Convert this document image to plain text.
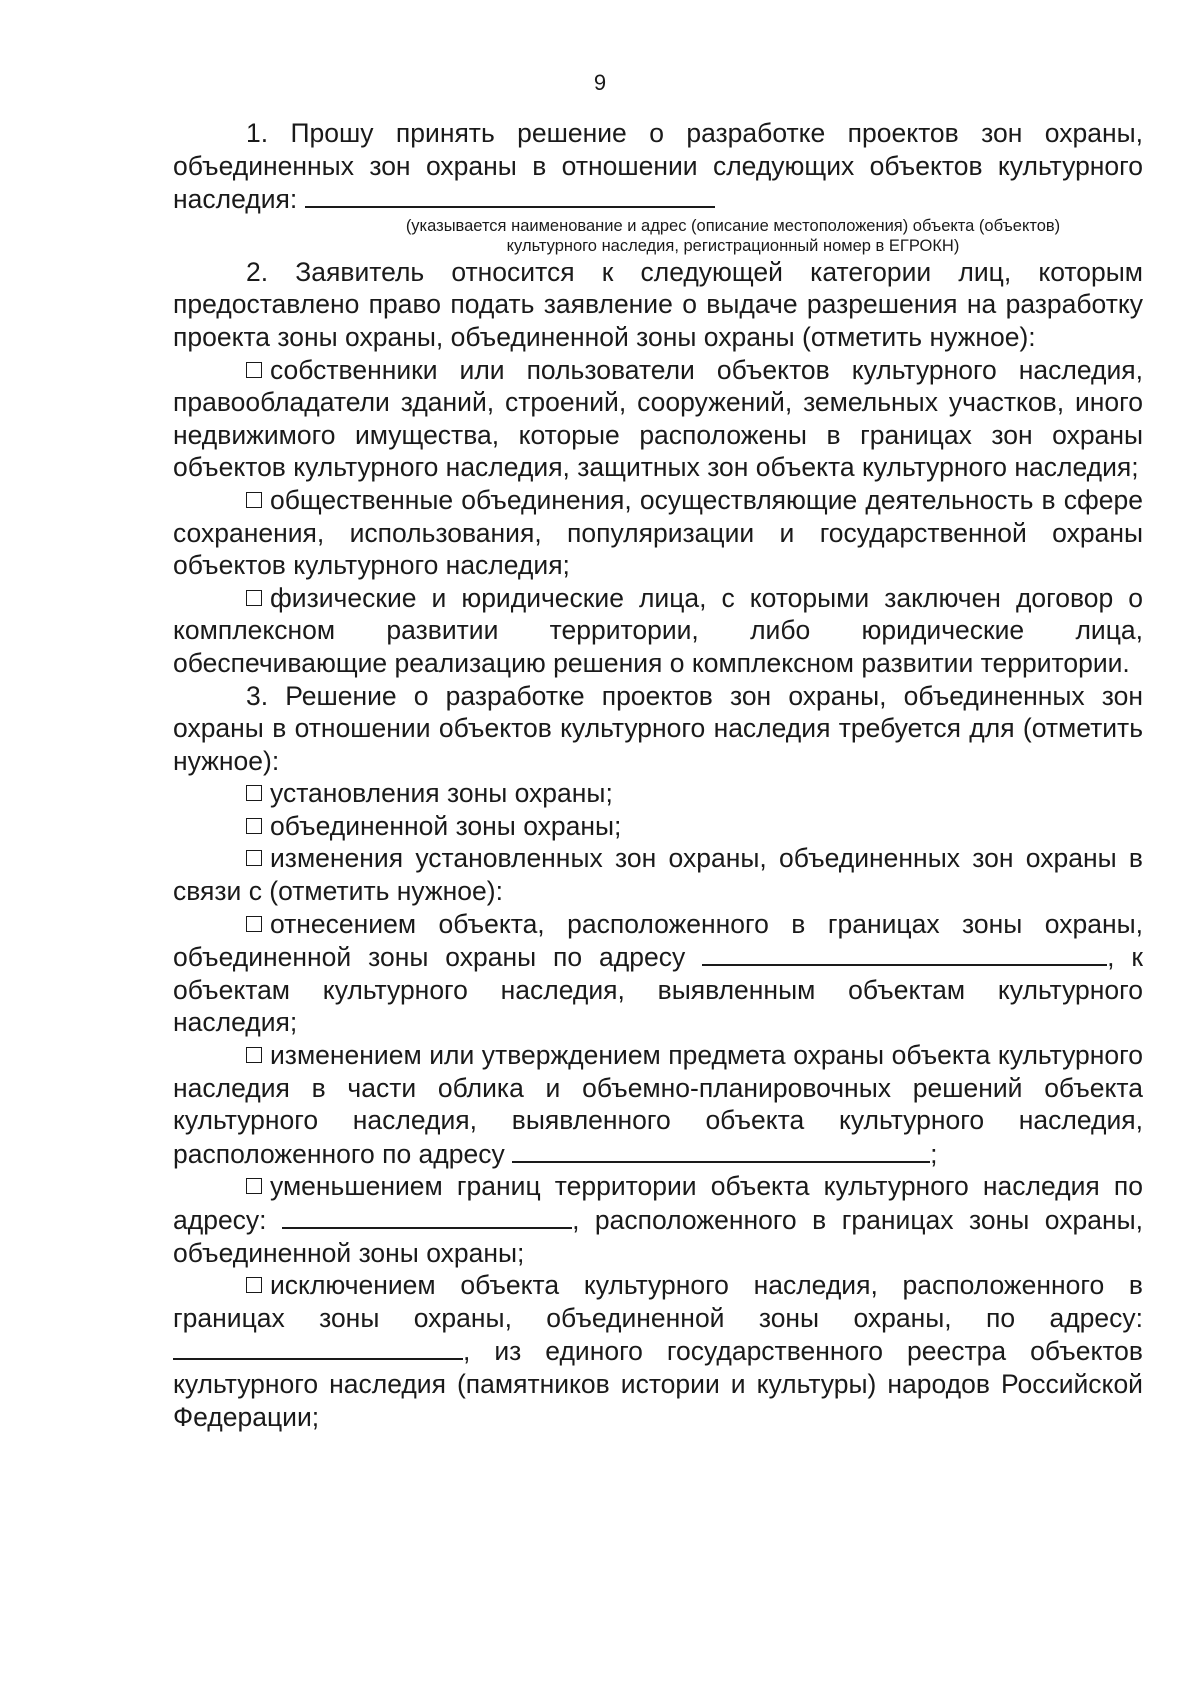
9

1. Прошу принять решение о разработке проектов зон охраны, объединенных зон охраны в отношении следующих объектов культурного наследия:

(указывается наименование и адрес (описание местоположения) объекта (объектов)
культурного наследия, регистрационный номер в ЕГРОКН)

2. Заявитель относится к следующей категории лиц, которым предоставлено право подать заявление о выдаче разрешения на разработку проекта зоны охраны, объединенной зоны охраны (отметить нужное):

собственники или пользователи объектов культурного наследия, правообладатели зданий, строений, сооружений, земельных участков, иного недвижимого имущества, которые расположены в границах зон охраны объектов культурного наследия, защитных зон объекта культурного наследия;

общественные объединения, осуществляющие деятельность в сфере сохранения, использования, популяризации и государственной охраны объектов культурного наследия;

физические и юридические лица, с которыми заключен договор о комплексном развитии территории, либо юридические лица, обеспечивающие реализацию решения о комплексном развитии территории.

3. Решение о разработке проектов зон охраны, объединенных зон охраны в отношении объектов культурного наследия требуется для (отметить нужное):

установления зоны охраны;

объединенной зоны охраны;

изменения установленных зон охраны, объединенных зон охраны в связи с (отметить нужное):

отнесением объекта, расположенного в границах зоны охраны, объединенной зоны охраны по адресу	, к объектам культурного наследия, выявленным объектам культурного наследия;

изменением или утверждением предмета охраны объекта культурного наследия в части облика и объемно-планировочных решений объекта культурного наследия, выявленного объекта культурного наследия, расположенного по адресу	;

уменьшением границ территории объекта культурного наследия по адресу:	, расположенного в границах зоны охраны, объединенной зоны охраны;

исключением объекта культурного наследия, расположенного в границах зоны охраны, объединенной зоны охраны, по адресу: , из единого государственного реестра объектов культурного наследия (памятников истории и культуры) народов Российской Федерации;
